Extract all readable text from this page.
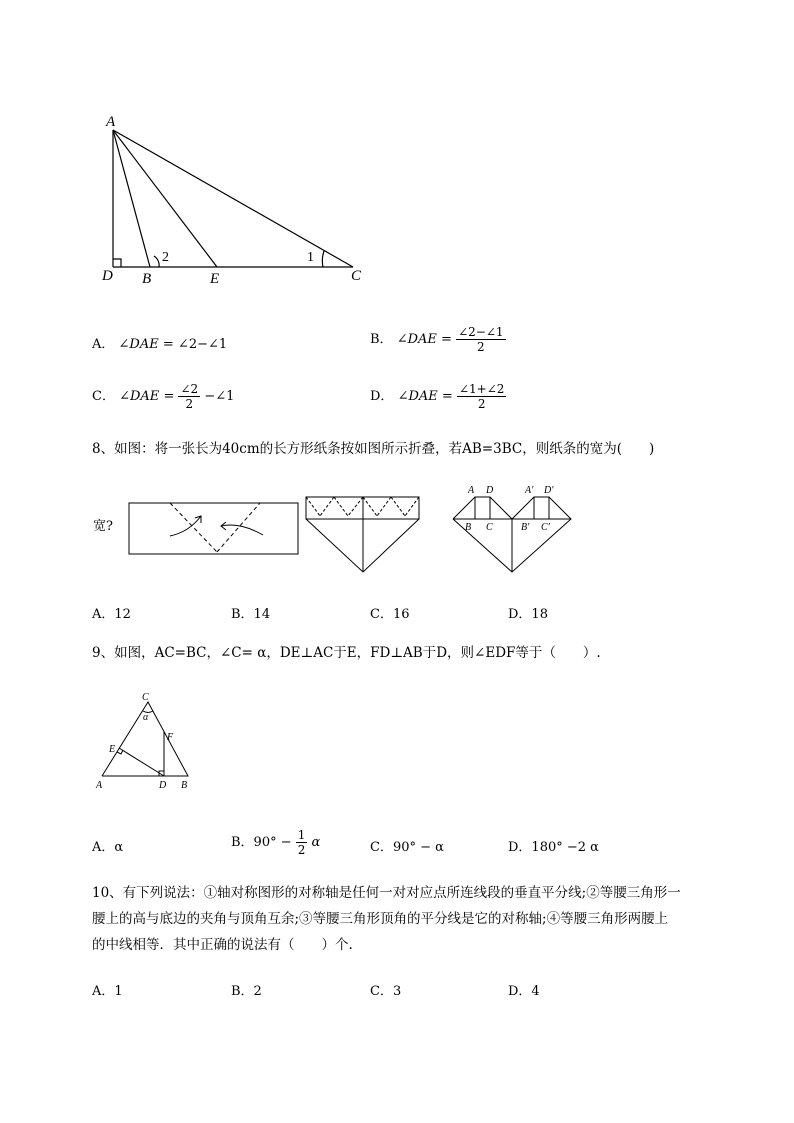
A
D B	E	C
1
2
A． ∠DAE = ∠2−∠1	B． ∠DAE = $\frac{\angle 2-\angle 1}{2}$
C． ∠DAE = $\frac{\angle 2}{2}$ −∠1	D． ∠DAE = $\frac{\angle 1+\angle 2}{2}$
8、如图：将一张长为40cm的长方形纸条按如图所示折叠，若AB=3BC，则纸条的宽为(　　)
宽?
A D
B C
A′ D′
B′ C′
A．12	B．14	C．16	D．18
9、如图，AC=BC，∠C= α，DE⊥AC于E，FD⊥AB于D，则∠EDF等于（　　）.
C
α
E
F
A	D B
A．α	B．$90^\circ - \frac{1}{2}$ α	C．90° − α	D．180° −2 α
10、有下列说法：①轴对称图形的对称轴是任何一对对应点所连线段的垂直平分线;②等腰三角形一
腰上的高与底边的夹角与顶角互余;③等腰三角形顶角的平分线是它的对称轴;④等腰三角形两腰上
的中线相等．其中正确的说法有（　　）个.
A．1	B．2	C．3	D．4
